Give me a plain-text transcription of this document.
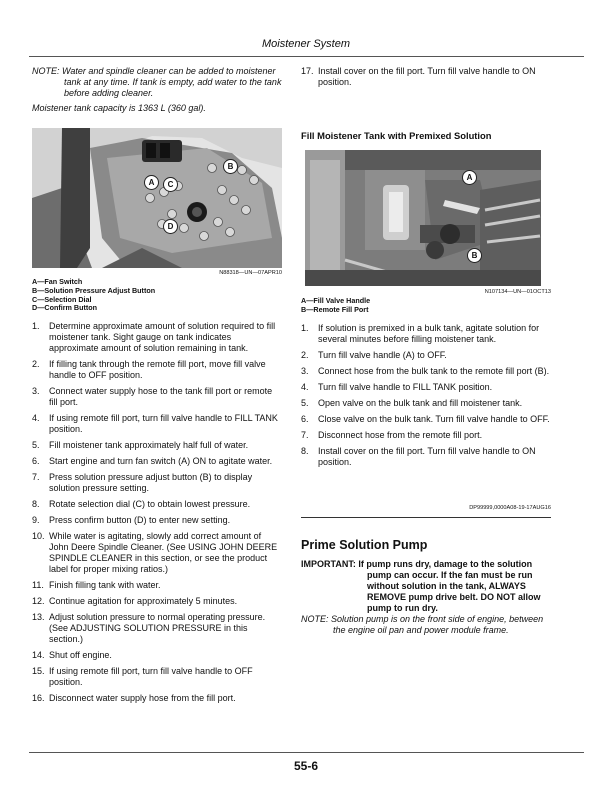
Moistener System
NOTE: Water and spindle cleaner can be added to moistener tank at any time. If tank is empty, add water to the tank before adding cleaner.
Moistener tank capacity is 1363 L (360 gal).
A
B
C
D
N88318—UN—07APR10
A—Fan Switch
B—Solution Pressure Adjust Button
C—Selection Dial
D—Confirm Button
1. Determine approximate amount of solution required to fill moistener tank. Sight gauge on tank indicates approximate amount of solution remaining in tank.
2. If filling tank through the remote fill port, move fill valve handle to OFF position.
3. Connect water supply hose to the tank fill port or remote fill port.
4. If using remote fill port, turn fill valve handle to FILL TANK position.
5. Fill moistener tank approximately half full of water.
6. Start engine and turn fan switch (A) ON to agitate water.
7. Press solution pressure adjust button (B) to display solution pressure setting.
8. Rotate selection dial (C) to obtain lowest pressure.
9. Press confirm button (D) to enter new setting.
10. While water is agitating, slowly add correct amount of John Deere Spindle Cleaner. (See USING JOHN DEERE SPINDLE CLEANER in this section, or see the product label for proper mixing ratios.)
11. Finish filling tank with water.
12. Continue agitation for approximately 5 minutes.
13. Adjust solution pressure to normal operating pressure. (See ADJUSTING SOLUTION PRESSURE in this section.)
14. Shut off engine.
15. If using remote fill port, turn fill valve handle to OFF position.
16. Disconnect water supply hose from the fill port.
17. Install cover on the fill port. Turn fill valve handle to ON position.
Fill Moistener Tank with Premixed Solution
A
B
N107134—UN—01OCT13
A—Fill Valve Handle
B—Remote Fill Port
1. If solution is premixed in a bulk tank, agitate solution for several minutes before filling moistener tank.
2. Turn fill valve handle (A) to OFF.
3. Connect hose from the bulk tank to the remote fill port (B).
4. Turn fill valve handle to FILL TANK position.
5. Open valve on the bulk tank and fill moistener tank.
6. Close valve on the bulk tank. Turn fill valve handle to OFF.
7. Disconnect hose from the remote fill port.
8. Install cover on the fill port. Turn fill valve handle to ON position.
DP99999,0000A08-19-17AUG16
Prime Solution Pump
IMPORTANT: If pump runs dry, damage to the solution pump can occur. If the fan must be run without solution in the tank, ALWAYS REMOVE pump drive belt. DO NOT allow pump to run dry.
NOTE: Solution pump is on the front side of engine, between the engine oil pan and power module frame.
55-6
